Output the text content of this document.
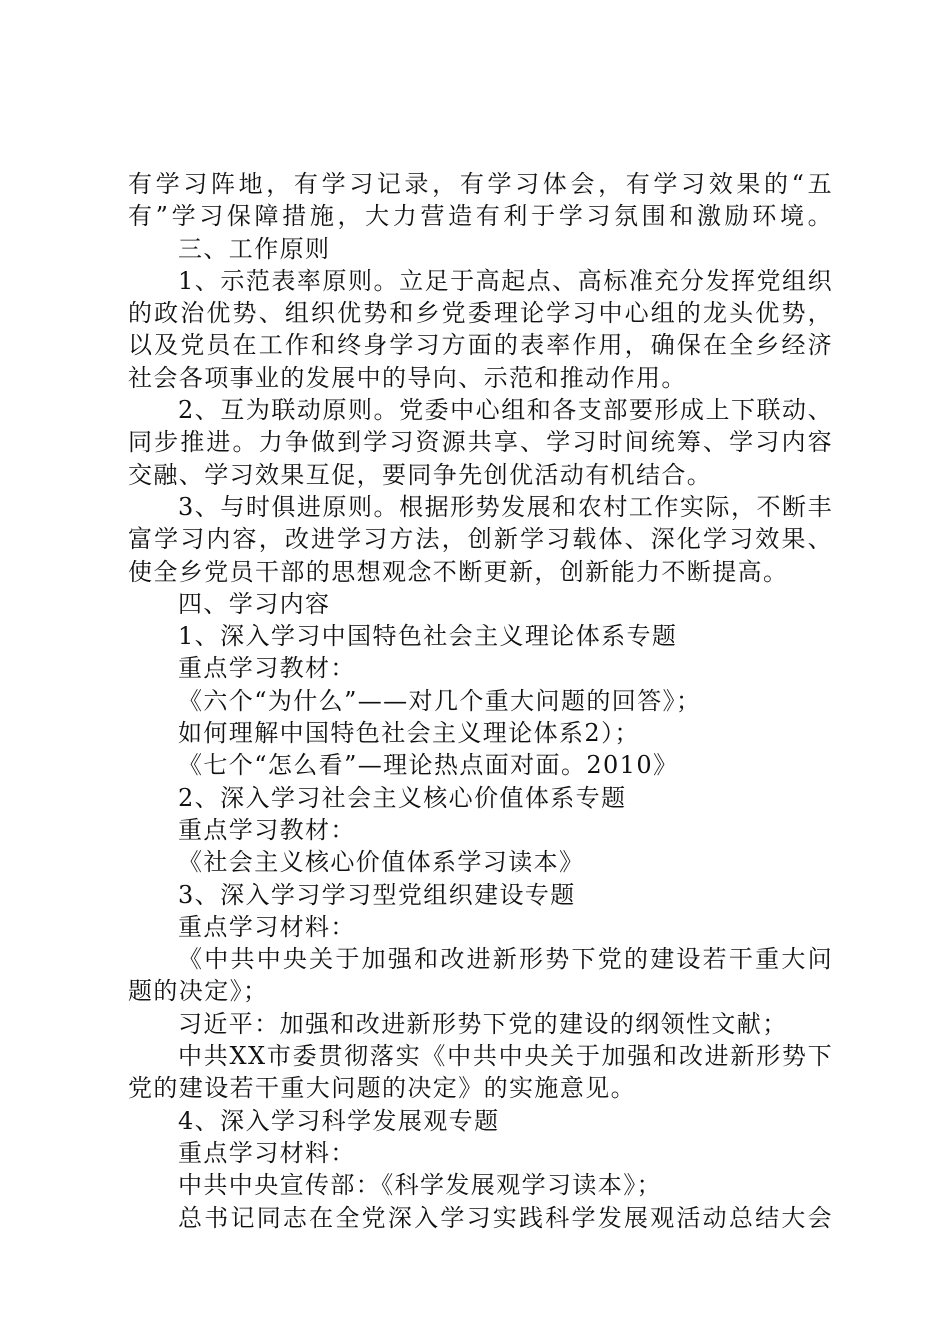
有学习阵地，有学习记录，有学习体会，有学习效果的“五
有”学习保障措施，大力营造有利于学习氛围和激励环境。
三、工作原则
1、示范表率原则。立足于高起点、高标准充分发挥党组织
的政治优势、组织优势和乡党委理论学习中心组的龙头优势，
以及党员在工作和终身学习方面的表率作用，确保在全乡经济
社会各项事业的发展中的导向、示范和推动作用。
2、互为联动原则。党委中心组和各支部要形成上下联动、
同步推进。力争做到学习资源共享、学习时间统筹、学习内容
交融、学习效果互促，要同争先创优活动有机结合。
3、与时俱进原则。根据形势发展和农村工作实际，不断丰
富学习内容，改进学习方法，创新学习载体、深化学习效果、
使全乡党员干部的思想观念不断更新，创新能力不断提高。
四、学习内容
1、深入学习中国特色社会主义理论体系专题
重点学习教材：
《六个“为什么”——对几个重大问题的回答》；
如何理解中国特色社会主义理论体系2）；
《七个“怎么看”—理论热点面对面。2010》
2、深入学习社会主义核心价值体系专题
重点学习教材：
《社会主义核心价值体系学习读本》
3、深入学习学习型党组织建设专题
重点学习材料：
《中共中央关于加强和改进新形势下党的建设若干重大问
题的决定》；
习近平：加强和改进新形势下党的建设的纲领性文献；
中共XX市委贯彻落实《中共中央关于加强和改进新形势下
党的建设若干重大问题的决定》的实施意见。
4、深入学习科学发展观专题
重点学习材料：
中共中央宣传部：《科学发展观学习读本》；
总书记同志在全党深入学习实践科学发展观活动总结大会
